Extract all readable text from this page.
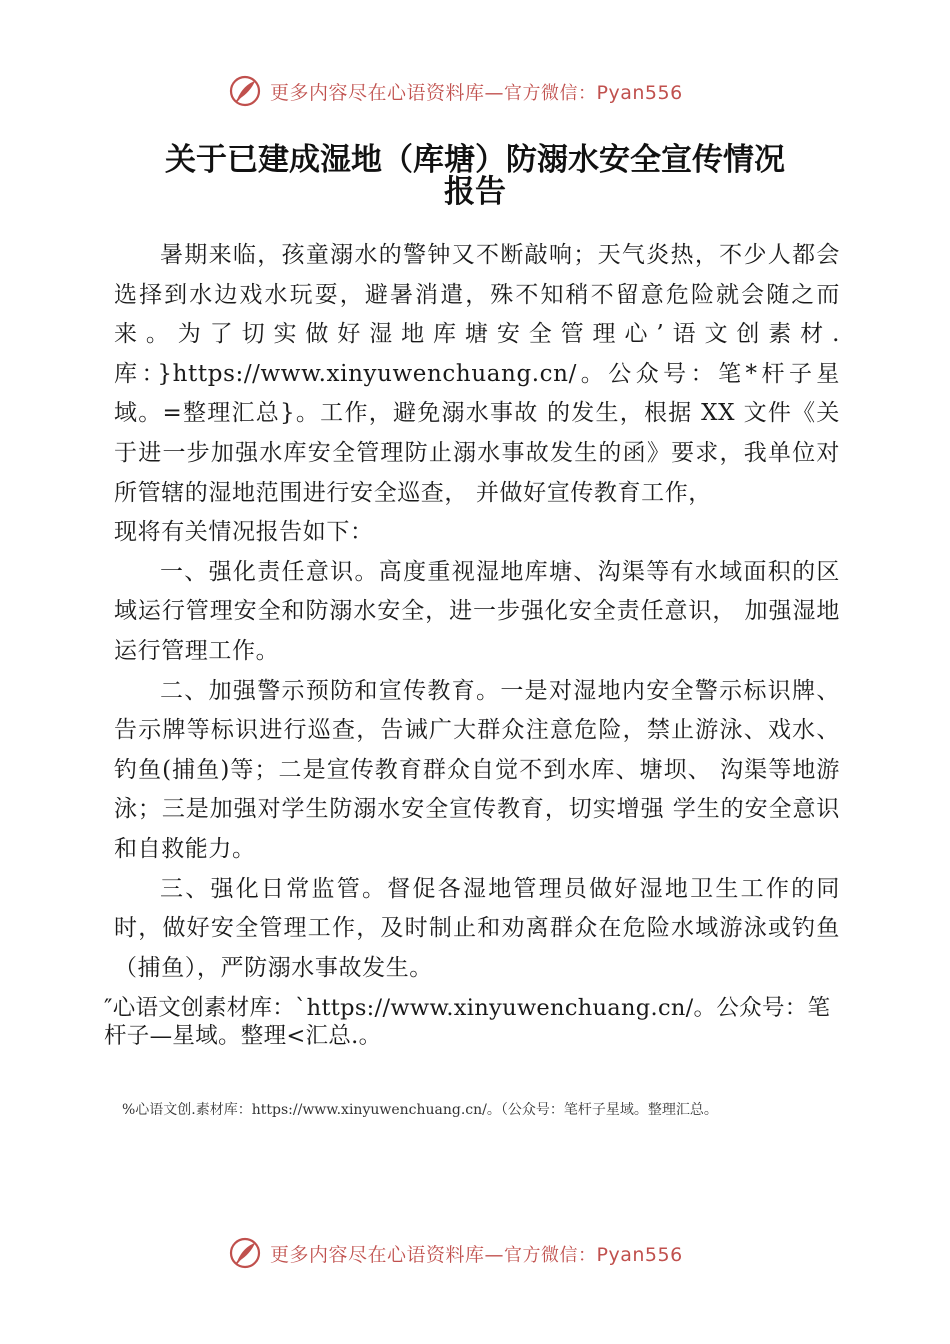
更多内容尽在心语资料库—官方微信：Pyan556
关于已建成湿地（库塘）防溺水安全宣传情况
报告

暑期来临，孩童溺水的警钟又不断敲响；天气炎热，不少人都会选择到水边戏水玩耍，避暑消遣，殊不知稍不留意危险就会随之而来。为了切实做好湿地库塘安全管理心’语文创素材.库：}https://www.xinyuwenchuang.cn/。公众号：笔*杆子星域。=整理汇总}。工作，避免溺水事故 的发生，根据 XX 文件《关于进一步加强水库安全管理防止溺水事故发生的函》要求，我单位对所管辖的湿地范围进行安全巡查， 并做好宣传教育工作，

现将有关情况报告如下：

一、强化责任意识。高度重视湿地库塘、沟渠等有水域面积的区域运行管理安全和防溺水安全，进一步强化安全责任意识， 加强湿地运行管理工作。

二、加强警示预防和宣传教育。一是对湿地内安全警示标识牌、告示牌等标识进行巡查，告诫广大群众注意危险，禁止游泳、戏水、钓鱼(捕鱼)等；二是宣传教育群众自觉不到水库、塘坝、 沟渠等地游泳；三是加强对学生防溺水安全宣传教育，切实增强 学生的安全意识和自救能力。

三、强化日常监管。督促各湿地管理员做好湿地卫生工作的同时，做好安全管理工作，及时制止和劝离群众在危险水域游泳或钓鱼（捕鱼），严防溺水事故发生。

″心语文创素材库：`https://www.xinyuwenchuang.cn/。公众号：笔杆子—星域。整理<汇总.。
%心语文创.素材库：https://www.xinyuwenchuang.cn/。（公众号：笔杆子星域。整理汇总。
更多内容尽在心语资料库—官方微信：Pyan556
